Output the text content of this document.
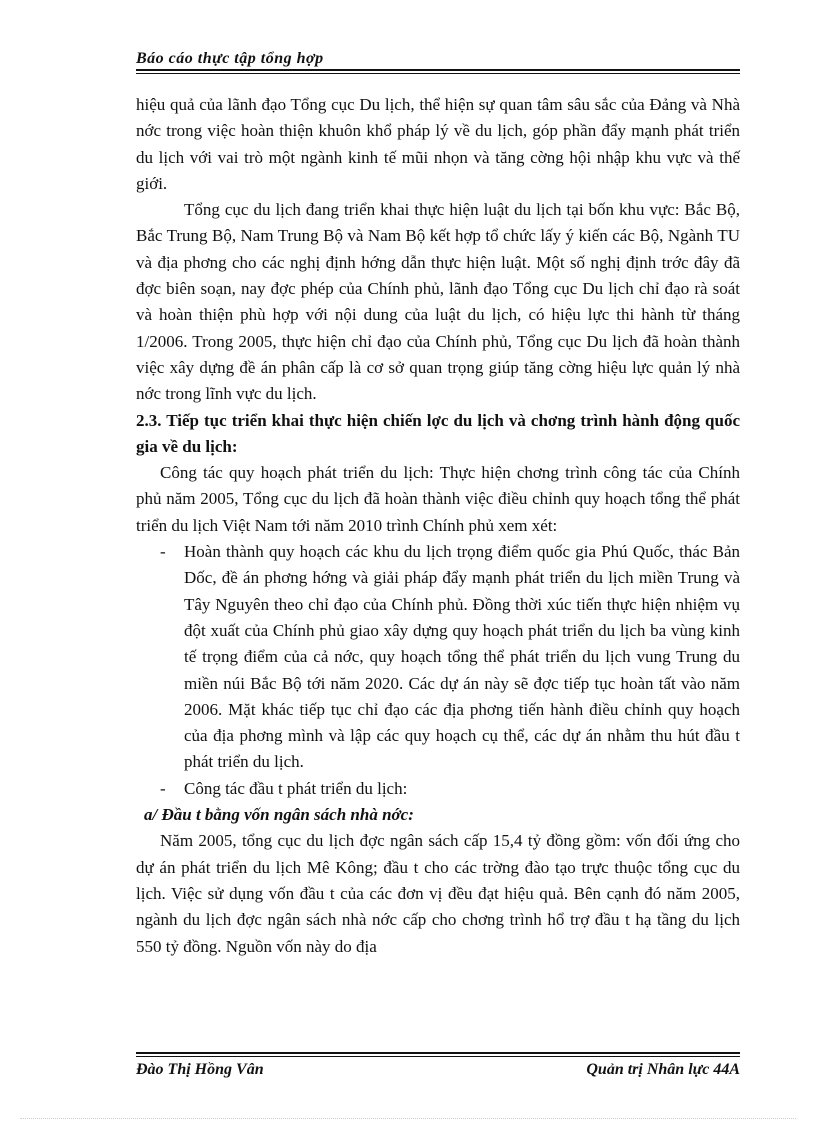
Báo cáo thực tập tổng hợp

hiệu quả của lãnh đạo Tổng cục Du lịch, thể hiện sự quan tâm sâu sắc của Đảng và Nhà nớc trong việc hoàn thiện khuôn khổ pháp lý về du lịch, góp phần đẩy mạnh phát triển du lịch với vai trò một ngành kinh tế mũi nhọn và tăng cờng hội nhập khu vực và thế giới.

Tổng cục du lịch đang triển khai thực hiện luật du lịch tại bốn khu vực: Bắc Bộ, Bắc Trung Bộ, Nam Trung Bộ và Nam Bộ kết hợp tổ chức lấy ý kiến các Bộ, Ngành TU và địa phơng cho các nghị định hớng dẫn thực hiện luật. Một số nghị định trớc đây đã đợc biên soạn, nay đợc phép của Chính phủ, lãnh đạo Tổng cục Du lịch chỉ đạo rà soát và hoàn thiện phù hợp với nội dung của luật du lịch, có hiệu lực thi hành từ tháng 1/2006. Trong 2005, thực hiện chỉ đạo của Chính phủ, Tổng cục Du lịch đã hoàn thành việc xây dựng đề án phân cấp là cơ sở quan trọng giúp tăng cờng hiệu lực quản lý nhà nớc trong lĩnh vực du lịch.

2.3. Tiếp tục triển khai thực hiện chiến lợc du lịch và chơng trình hành động quốc gia về du lịch:

Công tác quy hoạch phát triển du lịch: Thực hiện chơng trình công tác của Chính phủ năm 2005, Tổng cục du lịch đã hoàn thành việc điều chỉnh quy hoạch tổng thể phát triển du lịch Việt Nam tới năm 2010 trình Chính phủ xem xét:

- Hoàn thành quy hoạch các khu du lịch trọng điểm quốc gia Phú Quốc, thác Bản Dốc, đề án phơng hớng và giải pháp đẩy mạnh phát triển du lịch miền Trung và Tây Nguyên theo chỉ đạo của Chính phủ. Đồng thời xúc tiến thực hiện nhiệm vụ đột xuất của Chính phủ giao xây dựng quy hoạch phát triển du lịch ba vùng kinh tế trọng điểm của cả nớc, quy hoạch tổng thể phát triển du lịch vung Trung du miền núi Bắc Bộ tới năm 2020. Các dự án này sẽ đợc tiếp tục hoàn tất vào năm 2006. Mặt khác tiếp tục chỉ đạo các địa phơng tiến hành điều chỉnh quy hoạch của địa phơng mình và lập các quy hoạch cụ thể, các dự án nhằm thu hút đầu t phát triển du lịch.
- Công tác đầu t phát triển du lịch:

a/ Đầu t bằng vốn ngân sách nhà nớc:

Năm 2005, tổng cục du lịch đợc ngân sách cấp 15,4 tỷ đồng gồm: vốn đối ứng cho dự án phát triển du lịch Mê Kông; đầu t cho các trờng đào tạo trực thuộc tổng cục du lịch. Việc sử dụng vốn đầu t của các đơn vị đều đạt hiệu quả. Bên cạnh đó năm 2005, ngành du lịch đợc ngân sách nhà nớc cấp cho chơng trình hổ trợ đầu t hạ tầng du lịch 550 tỷ đồng. Nguồn vốn này do địa

Đào Thị Hồng Vân	Quản trị Nhân lực 44A
